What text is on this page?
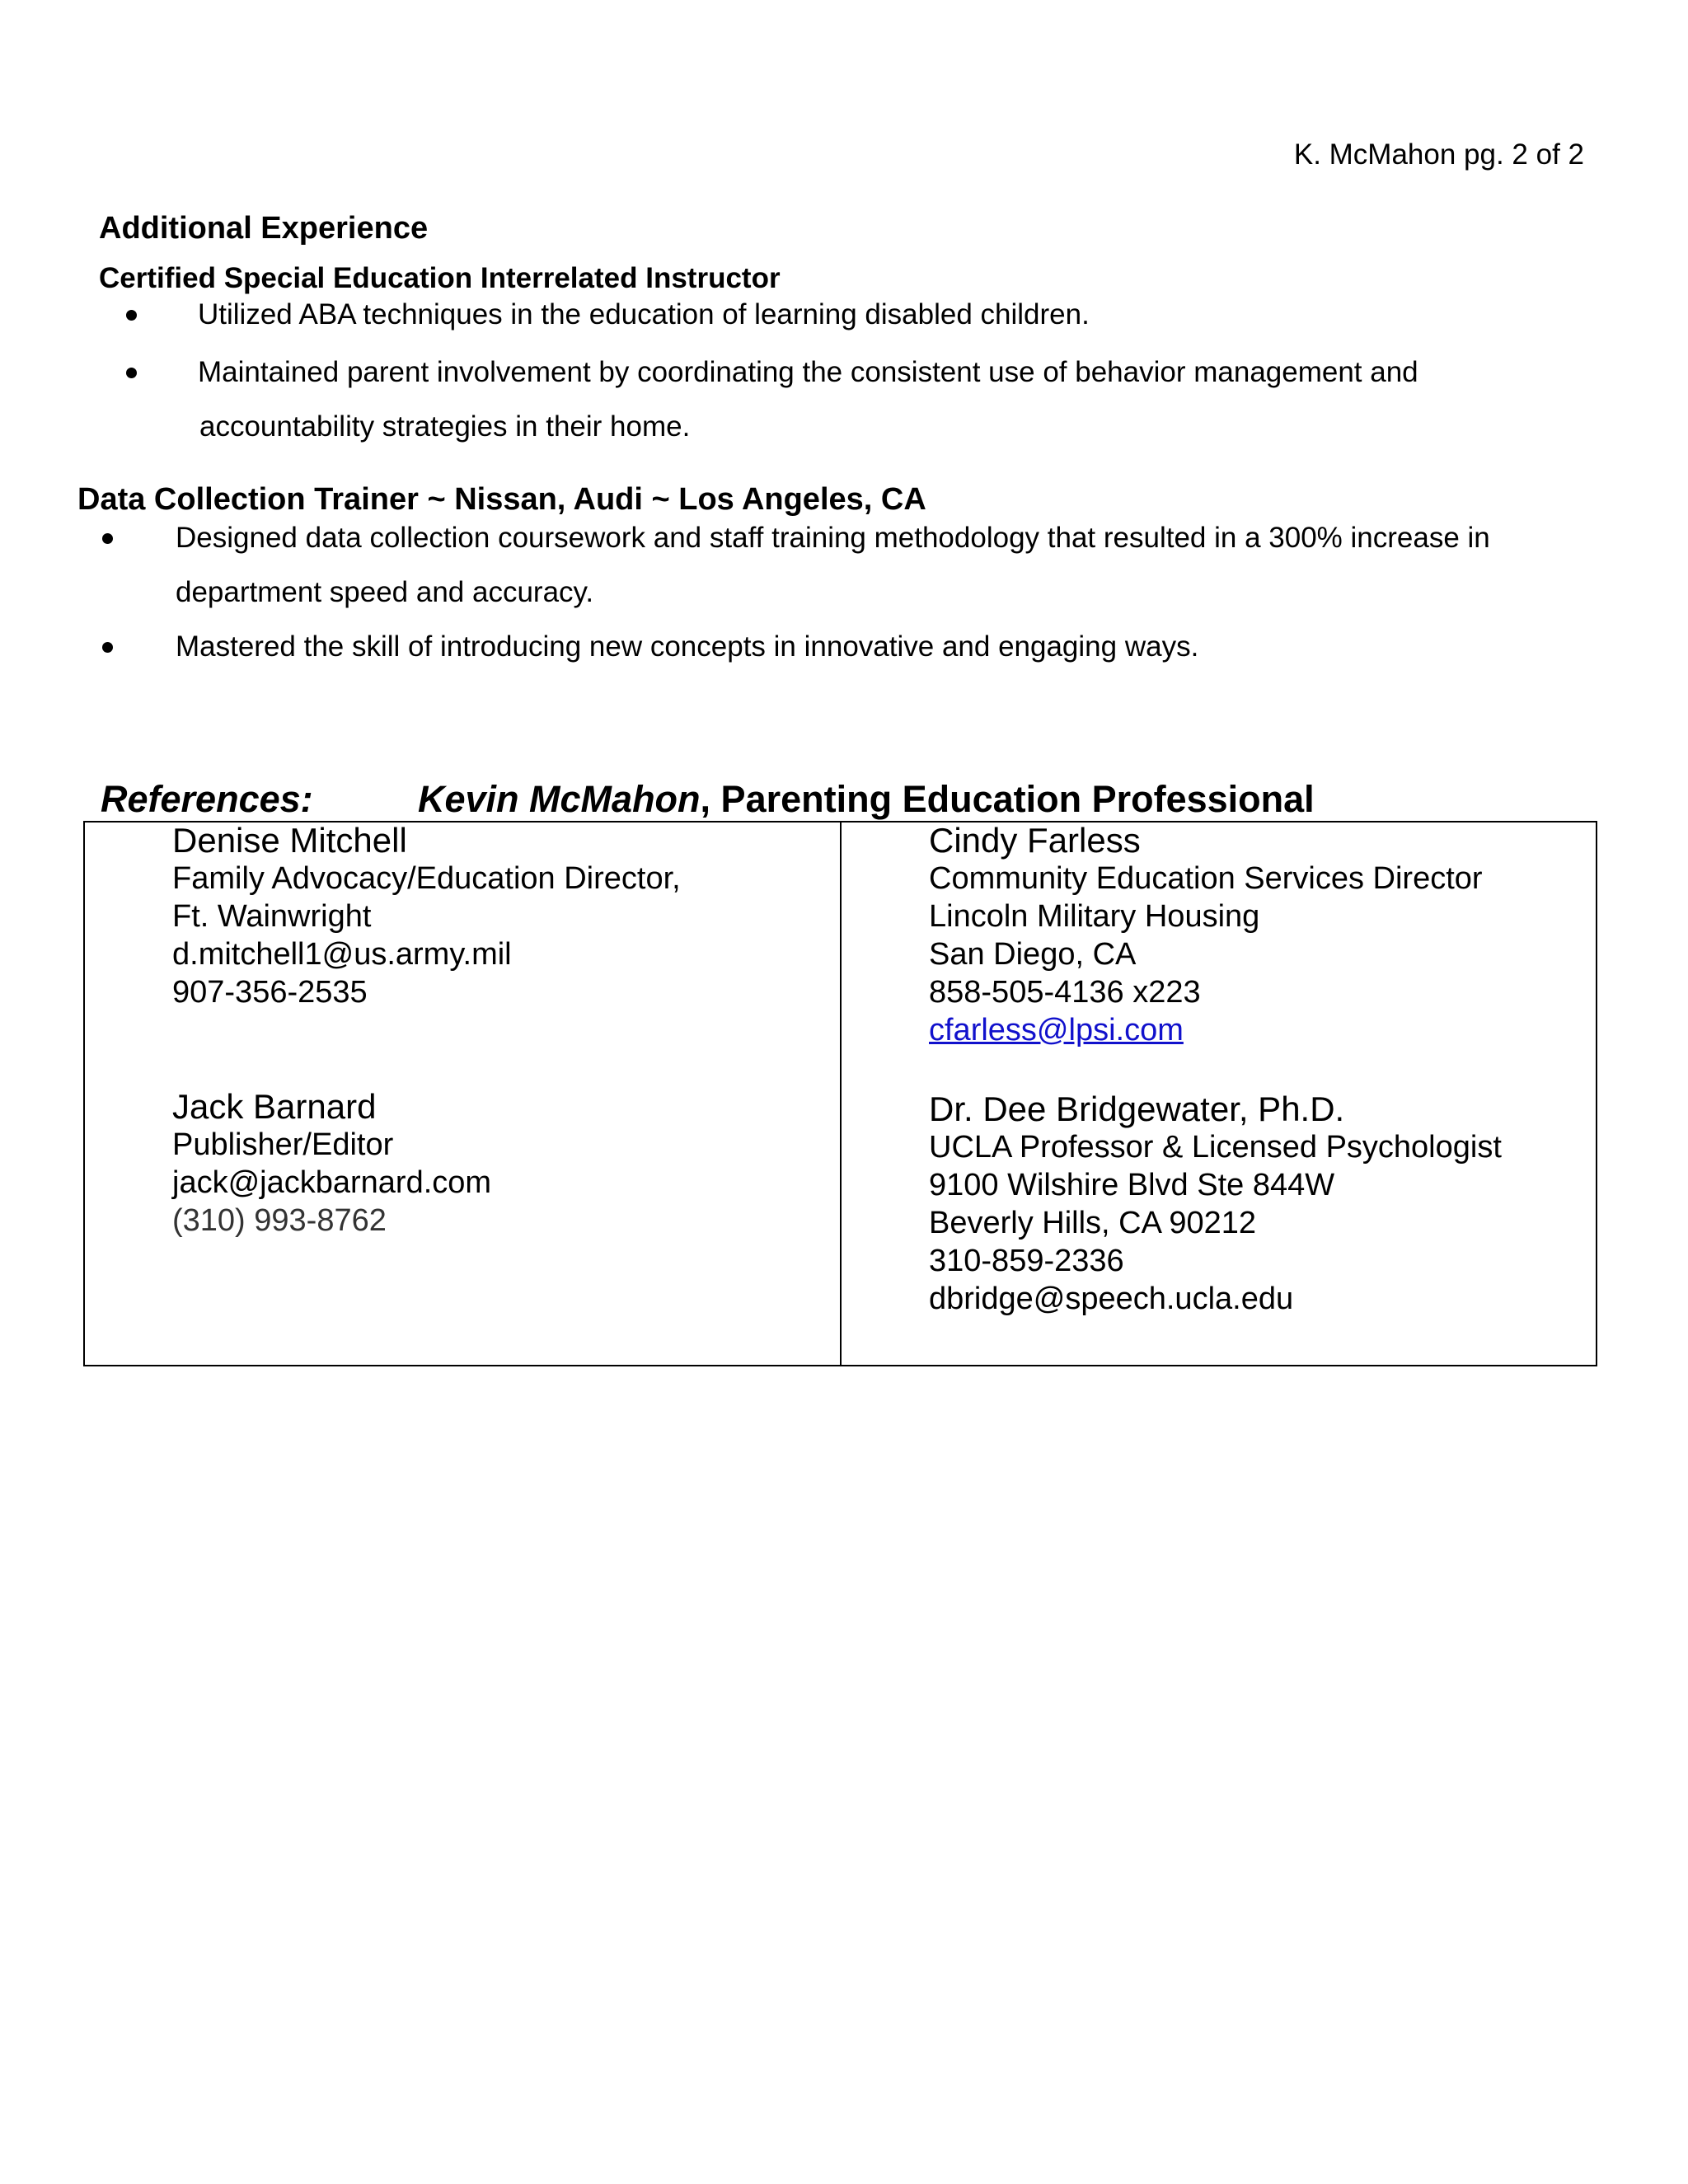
K. McMahon pg. 2 of 2
Additional Experience
Certified Special Education Interrelated Instructor
Utilized ABA techniques in the education of learning disabled children.
Maintained parent involvement by coordinating the consistent use of behavior management and
accountability strategies in their home.
Data Collection Trainer ~ Nissan, Audi ~ Los Angeles, CA
Designed data collection coursework and staff training methodology that resulted in a 300% increase in
department speed and accuracy.
Mastered the skill of introducing new concepts in innovative and engaging ways.
References:	Kevin McMahon, Parenting Education Professional
Denise Mitchell
Family Advocacy/Education Director,
Ft. Wainwright
d.mitchell1@us.army.mil
907-356-2535
Jack Barnard
Publisher/Editor
jack@jackbarnard.com
(310) 993-8762
Cindy Farless
Community Education Services Director
Lincoln Military Housing
San Diego, CA
858-505-4136 x223
cfarless@lpsi.com
Dr. Dee Bridgewater, Ph.D.
UCLA Professor & Licensed Psychologist
9100 Wilshire Blvd Ste 844W
Beverly Hills, CA 90212
310-859-2336
dbridge@speech.ucla.edu
